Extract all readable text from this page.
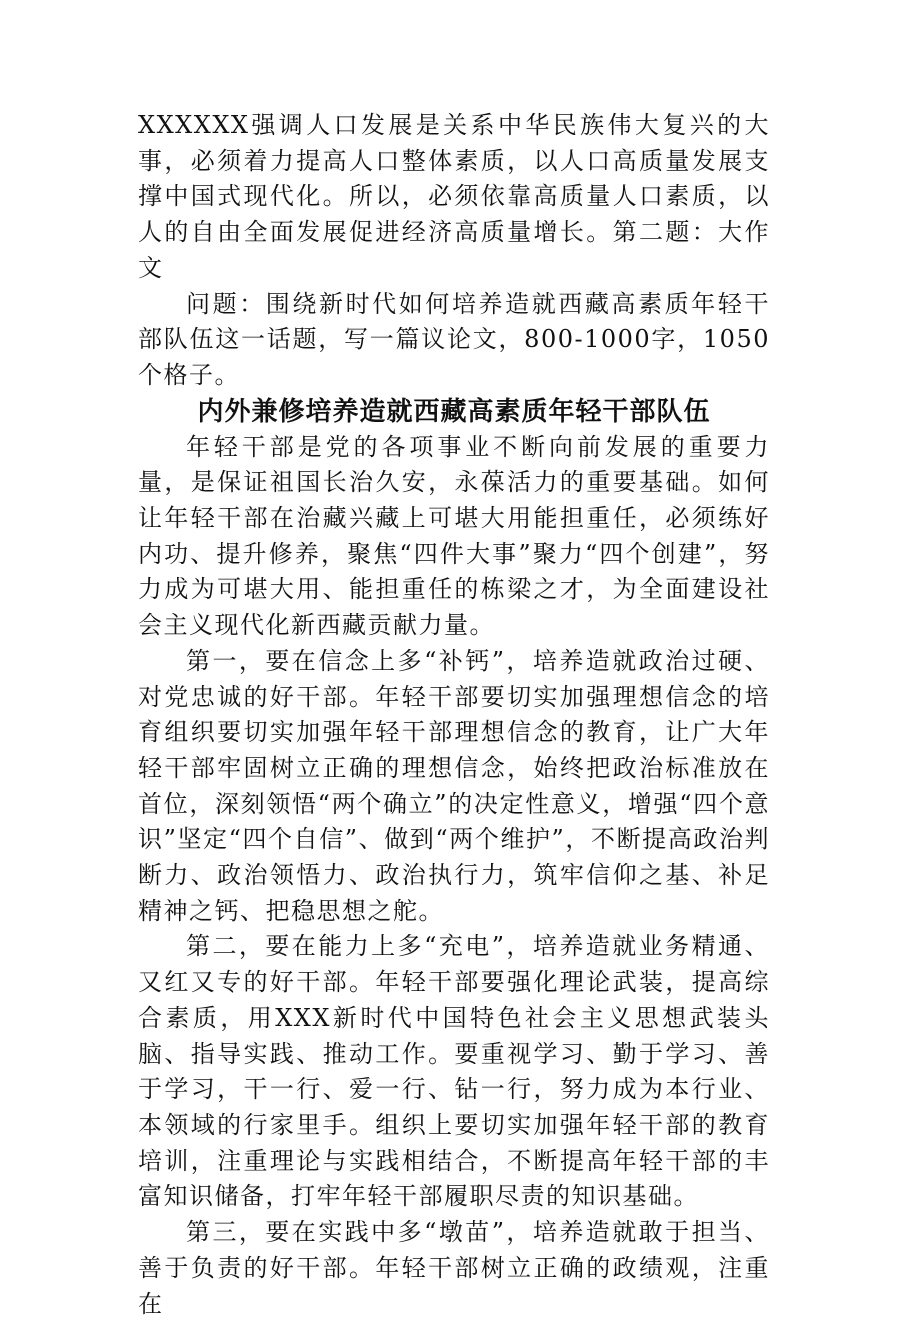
XXXXXX强调人口发展是关系中华民族伟大复兴的大事，必须着力提高人口整体素质，以人口高质量发展支撑中国式现代化。所以，必须依靠高质量人口素质，以人的自由全面发展促进经济高质量增长。第二题：大作文

问题：围绕新时代如何培养造就西藏高素质年轻干部队伍这一话题，写一篇议论文，800-1000字，1050个格子。

内外兼修培养造就西藏高素质年轻干部队伍

年轻干部是党的各项事业不断向前发展的重要力量，是保证祖国长治久安，永葆活力的重要基础。如何让年轻干部在治藏兴藏上可堪大用能担重任，必须练好内功、提升修养，聚焦“四件大事”聚力“四个创建”，努力成为可堪大用、能担重任的栋梁之才，为全面建设社会主义现代化新西藏贡献力量。

第一，要在信念上多“补钙”，培养造就政治过硬、对党忠诚的好干部。年轻干部要切实加强理想信念的培育组织要切实加强年轻干部理想信念的教育，让广大年轻干部牢固树立正确的理想信念，始终把政治标准放在首位，深刻领悟“两个确立”的决定性意义，增强“四个意识”坚定“四个自信”、做到“两个维护”，不断提高政治判断力、政治领悟力、政治执行力，筑牢信仰之基、补足精神之钙、把稳思想之舵。

第二，要在能力上多“充电”，培养造就业务精通、又红又专的好干部。年轻干部要强化理论武装，提高综合素质，用XXX新时代中国特色社会主义思想武装头脑、指导实践、推动工作。要重视学习、勤于学习、善于学习，干一行、爱一行、钻一行，努力成为本行业、本领域的行家里手。组织上要切实加强年轻干部的教育培训，注重理论与实践相结合，不断提高年轻干部的丰富知识储备，打牢年轻干部履职尽责的知识基础。

第三，要在实践中多“墩苗”，培养造就敢于担当、善于负责的好干部。年轻干部树立正确的政绩观，注重在
